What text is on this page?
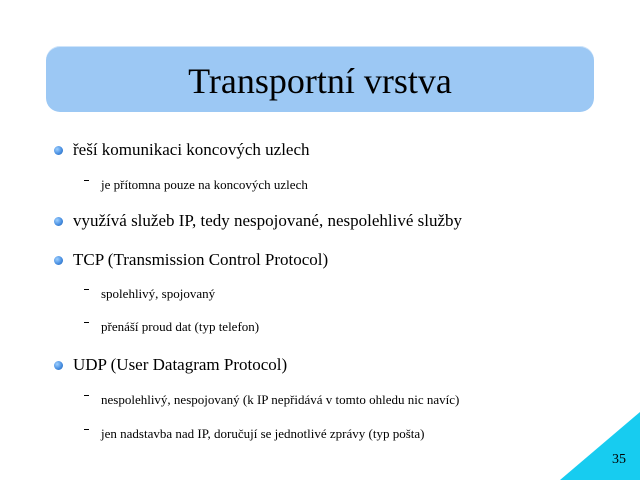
Transportní vrstva
řeší komunikaci koncových uzlech
je přítomna pouze na koncových uzlech
využívá služeb IP, tedy nespojované, nespolehlivé služby
TCP (Transmission Control Protocol)
spolehlivý, spojovaný
přenáší proud dat (typ telefon)
UDP (User Datagram Protocol)
nespolehlivý, nespojovaný (k IP nepřidává v tomto ohledu nic navíc)
jen nadstavba nad IP, doručují se jednotlivé zprávy (typ pošta)
35
